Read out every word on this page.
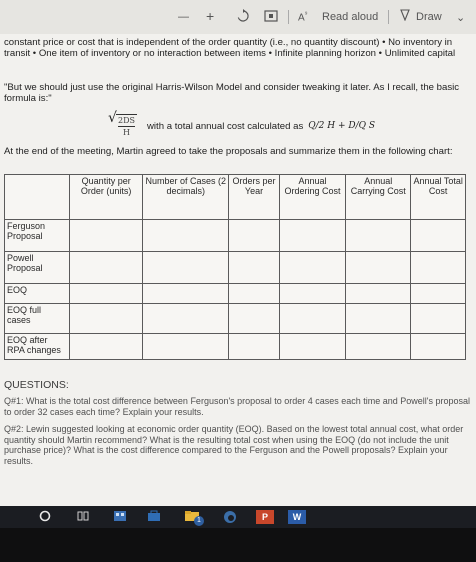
— +	$A^{^9}$ Read aloud	Draw ⌄
constant price or cost that is independent of the order quantity (i.e., no quantity discount) • No inventory in transit • One item of inventory or no interaction between items • Infinite planning horizon • Unlimited capital
"But we should just use the original Harris-Wilson Model and consider tweaking it later. As I recall, the basic formula is:"
√ 2DS
H
with a total annual cost calculated as Q/2 H + D/Q S
At the end of the meeting, Martin agreed to take the proposals and summarize them in the following chart:
	Quantity per Order (units)	Number of Cases (2 decimals)	Orders per Year	Annual Ordering Cost	Annual Carrying Cost	Annual Total Cost
Ferguson Proposal						
Powell Proposal						
EOQ						
EOQ full cases						
EOQ after RPA changes						
QUESTIONS:
Q#1: What is the total cost difference between Ferguson's proposal to order 4 cases each time and Powell's proposal to order 32 cases each time? Explain your results.
Q#2: Lewin suggested looking at economic order quantity (EOQ). Based on the lowest total annual cost, what order quantity should Martin recommend? What is the resulting total cost when using the EOQ (do not include the unit purchase price)? What is the cost difference compared to the Ferguson and the Powell proposals? Explain your results.
1	P	W
